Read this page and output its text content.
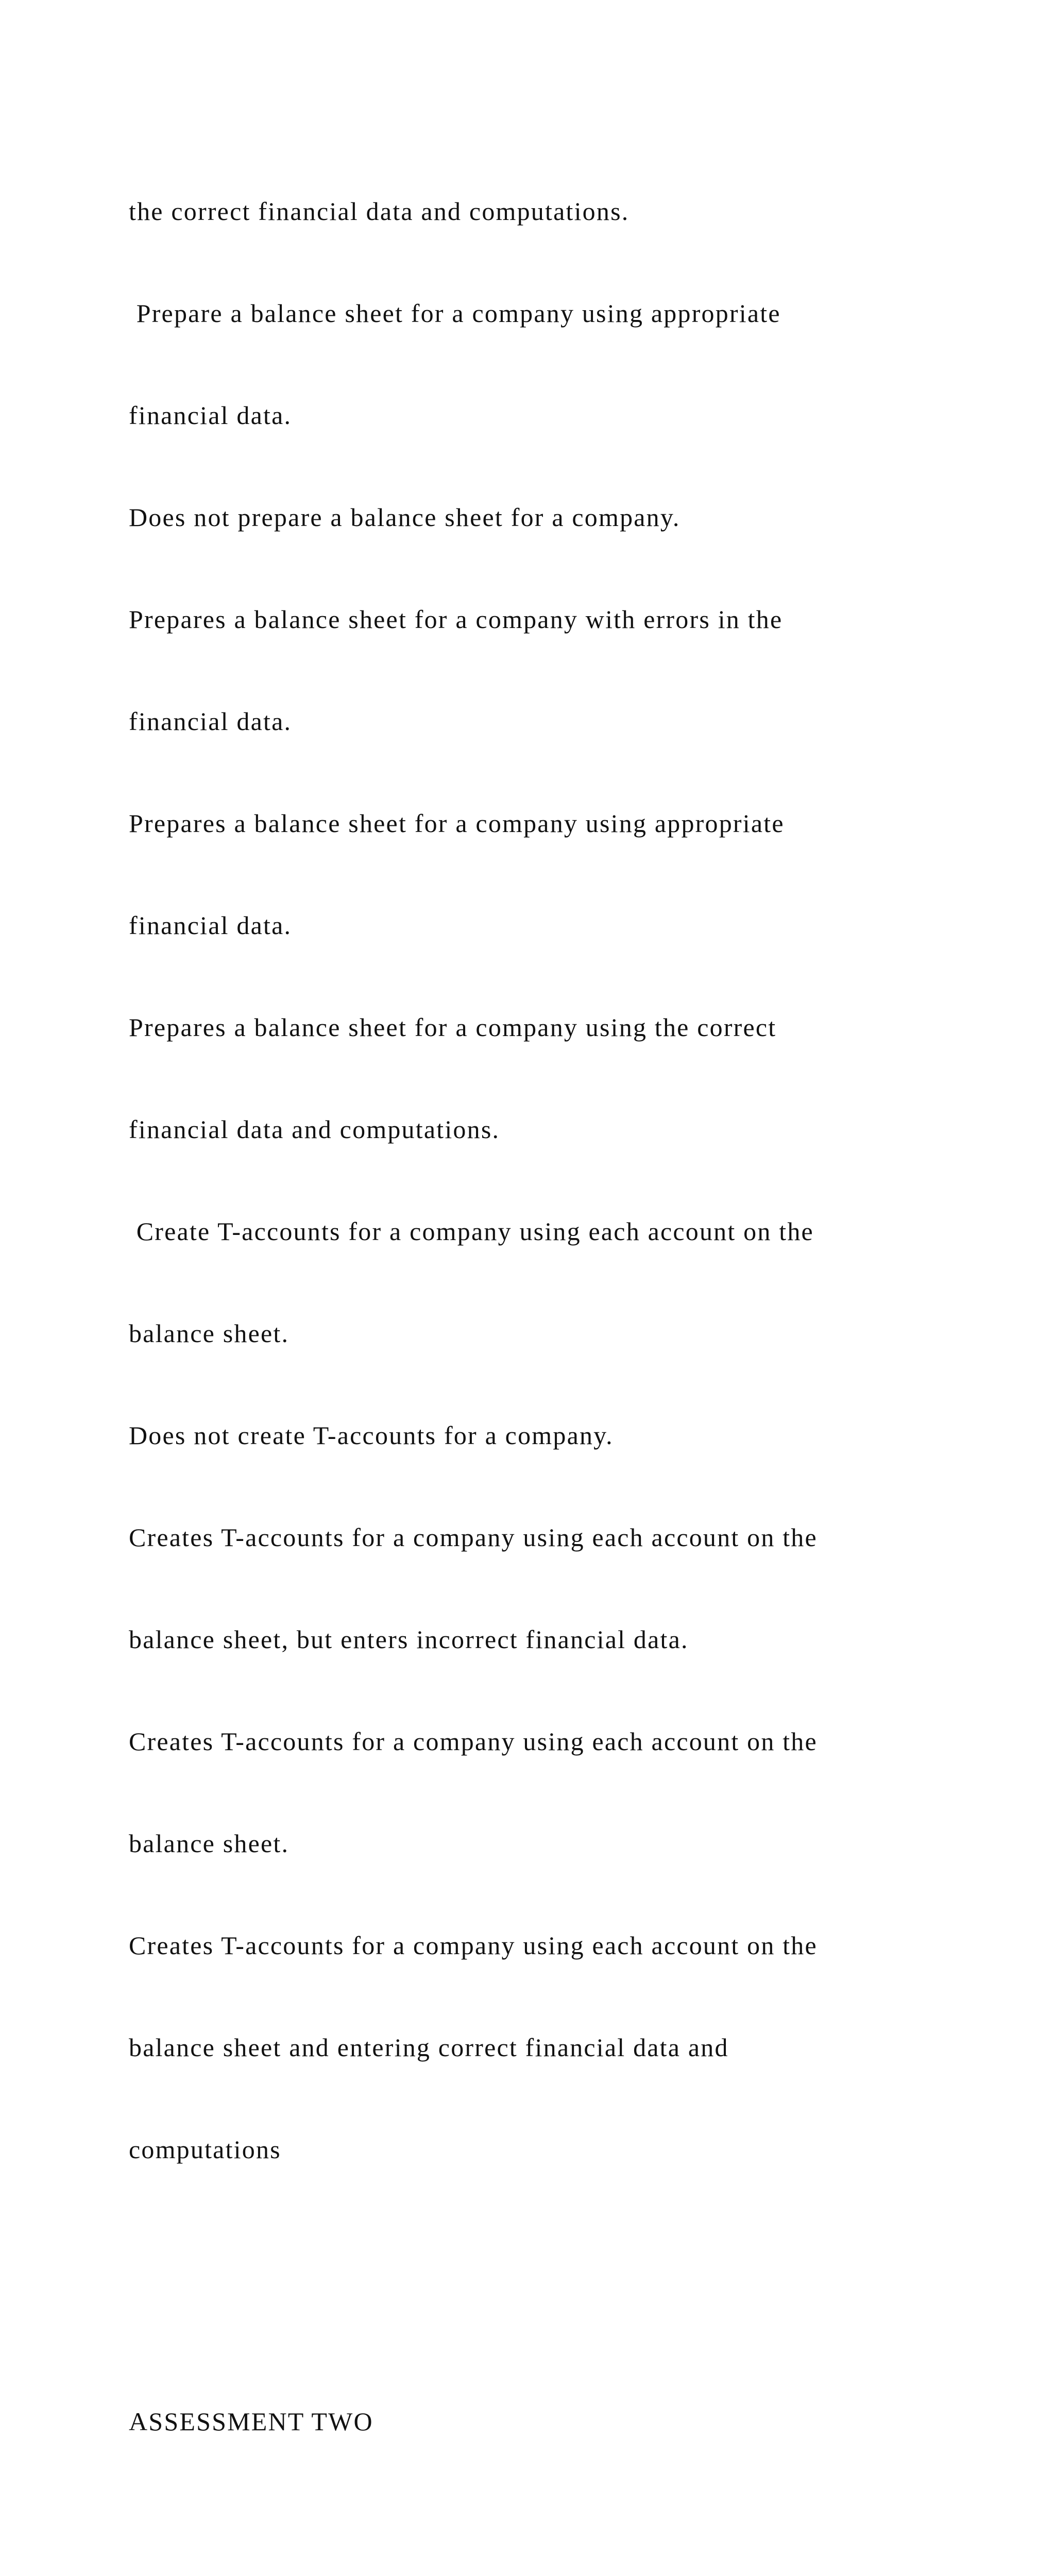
the correct financial data and computations.

Prepare a balance sheet for a company using appropriate

financial data.

Does not prepare a balance sheet for a company.

Prepares a balance sheet for a company with errors in the

financial data.

Prepares a balance sheet for a company using appropriate

financial data.

Prepares a balance sheet for a company using the correct

financial data and computations.

Create T-accounts for a company using each account on the

balance sheet.

Does not create T-accounts for a company.

Creates T-accounts for a company using each account on the

balance sheet, but enters incorrect financial data.

Creates T-accounts for a company using each account on the

balance sheet.

Creates T-accounts for a company using each account on the

balance sheet and entering correct financial data and

computations

ASSESSMENT TWO
